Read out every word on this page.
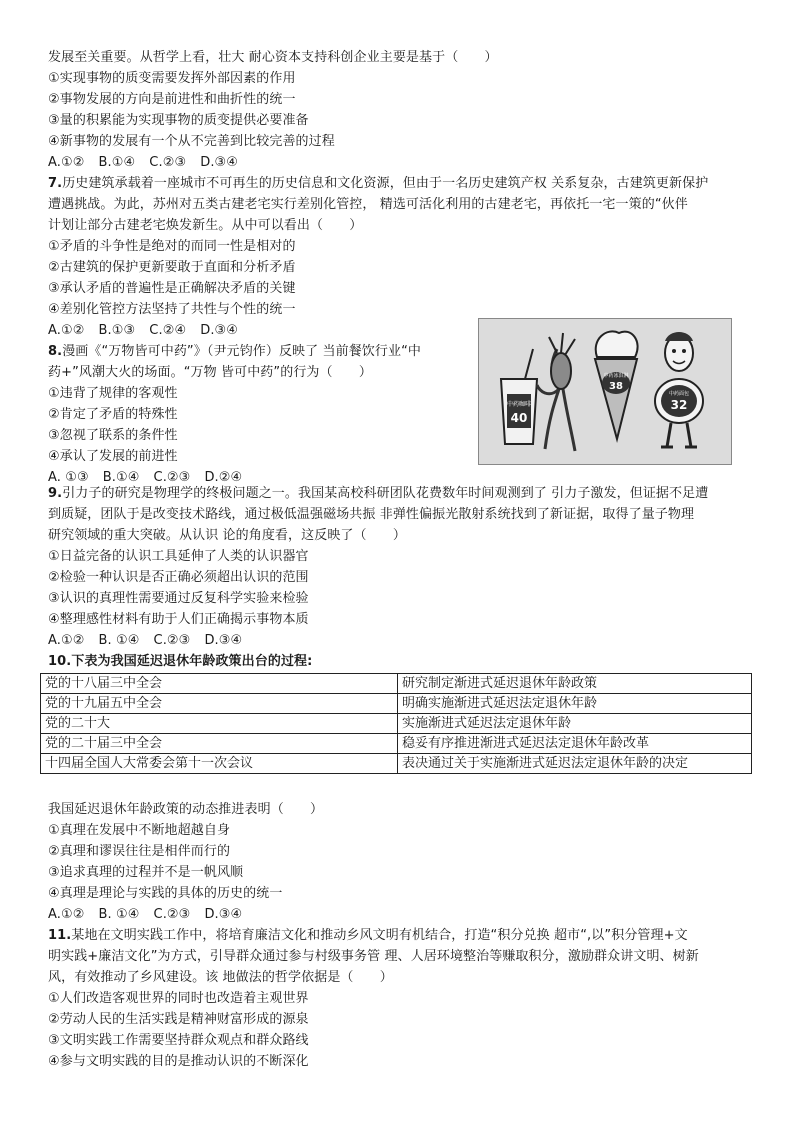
发展至关重要。从哲学上看，壮大 耐心资本支持科创企业主要是基于（　　）
①实现事物的质变需要发挥外部因素的作用
②事物发展的方向是前进性和曲折性的统一
③量的积累能为实现事物的质变提供必要准备
④新事物的发展有一个从不完善到比较完善的过程
A.①② B.①④ C.②③ D.③④
7.历史建筑承载着一座城市不可再生的历史信息和文化资源，但由于一名历史建筑产权 关系复杂，古建筑更新保护
遭遇挑战。为此，苏州对五类古建老宅实行差别化管控， 精选可活化利用的古建老宅，再依托一宅一策的“伙伴
计划让部分古建老宅焕发新生。从中可以看出（　　）
①矛盾的斗争性是绝对的而同一性是相对的
②古建筑的保护更新要敢于直面和分析矛盾
③承认矛盾的普遍性是正确解决矛盾的关键
④差别化管控方法坚持了共性与个性的统一
A.①② B.①③ C.②④ D.③④
8.漫画《“万物皆可中药”》（尹元钧作）反映了 当前餐饮行业“中
药+”风潮大火的场面。“万物 皆可中药”的行为（　　）
①违背了规律的客观性
②肯定了矛盾的特殊性
③忽视了联系的条件性
④承认了发展的前进性
A. ①③ B.①④ C.②③ D.②④
中药咖啡
40
中药冰淇淋
38
中药面包
32
9.引力子的研究是物理学的终极问题之一。我国某高校科研团队花费数年时间观测到了 引力子激发，但证据不足遭
到质疑，团队于是改变技术路线，通过极低温强磁场共振 非弹性偏振光散射系统找到了新证据，取得了量子物理
研究领域的重大突破。从认识 论的角度看，这反映了（　　）
①日益完备的认识工具延伸了人类的认识器官
②检验一种认识是否正确必须超出认识的范围
③认识的真理性需要通过反复科学实验来检验
④整理感性材料有助于人们正确揭示事物本质
A.①② B. ①④ C.②③ D.③④
10.下表为我国延迟退休年龄政策出台的过程:
党的十八届三中全会	研究制定渐进式延迟退休年龄政策
党的十九届五中全会	明确实施渐进式延迟法定退休年龄
党的二十大	实施渐进式延迟法定退休年龄
党的二十届三中全会	稳妥有序推进渐进式延迟法定退休年龄改革
十四届全国人大常委会第十一次会议	表决通过关于实施渐进式延迟法定退休年龄的决定
我国延迟退休年龄政策的动态推进表明（　　）
①真理在发展中不断地超越自身
②真理和谬误往往是相伴而行的
③追求真理的过程并不是一帆风顺
④真理是理论与实践的具体的历史的统一
A.①② B. ①④ C.②③ D.③④
11.某地在文明实践工作中，将培育廉洁文化和推动乡风文明有机结合，打造“积分兑换 超市“,以”积分管理+文
明实践+廉洁文化”为方式，引导群众通过参与村级事务管 理、人居环境整治等赚取积分，激励群众讲文明、树新
风，有效推动了乡风建设。该 地做法的哲学依据是（　　）
①人们改造客观世界的同时也改造着主观世界
②劳动人民的生活实践是精神财富形成的源泉
③文明实践工作需要坚持群众观点和群众路线
④参与文明实践的目的是推动认识的不断深化
